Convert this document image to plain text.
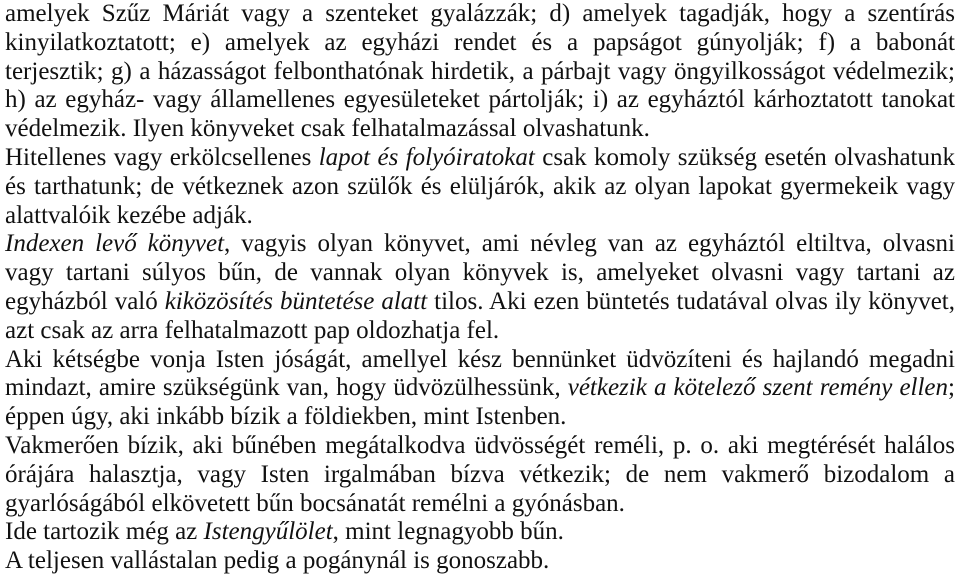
amelyek Szűz Máriát vagy a szenteket gyalázzák; d) amelyek tagadják, hogy a szentírás
kinyilatkoztatott; e) amelyek az egyházi rendet és a papságot gúnyolják; f) a babonát
terjesztik; g) a házasságot felbonthatónak hirdetik, a párbajt vagy öngyilkosságot védelmezik;
h) az egyház- vagy államellenes egyesületeket pártolják; i) az egyháztól kárhoztatott tanokat
védelmezik. Ilyen könyveket csak felhatalmazással olvashatunk.
Hitellenes vagy erkölcsellenes lapot és folyóiratokat csak komoly szükség esetén olvashatunk
és tarthatunk; de vétkeznek azon szülők és elüljárók, akik az olyan lapokat gyermekeik vagy
alattvalóik kezébe adják.
Indexen levő könyvet, vagyis olyan könyvet, ami névleg van az egyháztól eltiltva, olvasni
vagy tartani súlyos bűn, de vannak olyan könyvek is, amelyeket olvasni vagy tartani az
egyházból való kiközösítés büntetése alatt tilos. Aki ezen büntetés tudatával olvas ily könyvet,
azt csak az arra felhatalmazott pap oldozhatja fel.
Aki kétségbe vonja Isten jóságát, amellyel kész bennünket üdvözíteni és hajlandó megadni
mindazt, amire szükségünk van, hogy üdvözülhessünk, vétkezik a kötelező szent remény ellen;
éppen úgy, aki inkább bízik a földiekben, mint Istenben.
Vakmerően bízik, aki bűnében megátalkodva üdvösségét reméli, p. o. aki megtérését halálos
órájára halasztja, vagy Isten irgalmában bízva vétkezik; de nem vakmerő bizodalom a
gyarlóságából elkövetett bűn bocsánatát remélni a gyónásban.
Ide tartozik még az Istengyűlölet, mint legnagyobb bűn.
A teljesen vallástalan pedig a pogánynál is gonoszabb.
